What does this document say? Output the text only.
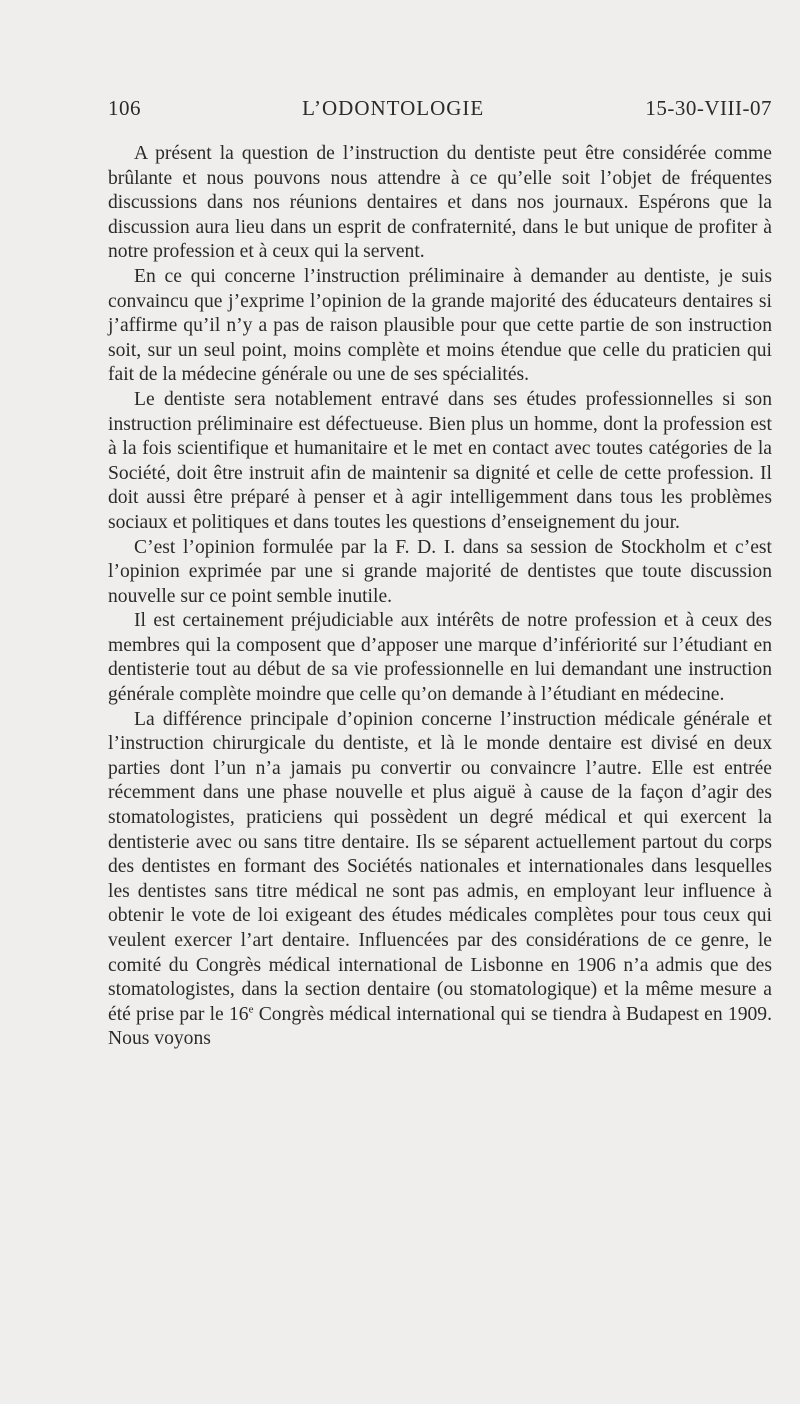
106	L’ODONTOLOGIE	15-30-VIII-07

A présent la question de l’instruction du dentiste peut être considérée comme brûlante et nous pouvons nous attendre à ce qu’elle soit l’objet de fréquentes discussions dans nos réunions dentaires et dans nos journaux. Espérons que la discussion aura lieu dans un esprit de confraternité, dans le but unique de profiter à notre profession et à ceux qui la servent.

En ce qui concerne l’instruction préliminaire à demander au dentiste, je suis convaincu que j’exprime l’opinion de la grande majorité des éducateurs dentaires si j’affirme qu’il n’y a pas de raison plausible pour que cette partie de son instruction soit, sur un seul point, moins complète et moins étendue que celle du praticien qui fait de la médecine générale ou une de ses spécialités.

Le dentiste sera notablement entravé dans ses études professionnelles si son instruction préliminaire est défectueuse. Bien plus un homme, dont la profession est à la fois scientifique et humanitaire et le met en contact avec toutes catégories de la Société, doit être instruit afin de maintenir sa dignité et celle de cette profession. Il doit aussi être préparé à penser et à agir intelligemment dans tous les problèmes sociaux et politiques et dans toutes les questions d’enseignement du jour.

C’est l’opinion formulée par la F. D. I. dans sa session de Stockholm et c’est l’opinion exprimée par une si grande majorité de dentistes que toute discussion nouvelle sur ce point semble inutile.

Il est certainement préjudiciable aux intérêts de notre profession et à ceux des membres qui la composent que d’apposer une marque d’infériorité sur l’étudiant en dentisterie tout au début de sa vie professionnelle en lui demandant une instruction générale complète moindre que celle qu’on demande à l’étudiant en médecine.

La différence principale d’opinion concerne l’instruction médicale générale et l’instruction chirurgicale du dentiste, et là le monde dentaire est divisé en deux parties dont l’un n’a jamais pu convertir ou convaincre l’autre. Elle est entrée récemment dans une phase nouvelle et plus aiguë à cause de la façon d’agir des stomatologistes, praticiens qui possèdent un degré médical et qui exercent la dentisterie avec ou sans titre dentaire. Ils se séparent actuellement partout du corps des dentistes en formant des Sociétés nationales et internationales dans lesquelles les dentistes sans titre médical ne sont pas admis, en employant leur influence à obtenir le vote de loi exigeant des études médicales complètes pour tous ceux qui veulent exercer l’art dentaire. Influencées par des considérations de ce genre, le comité du Congrès médical international de Lisbonne en 1906 n’a admis que des stomatologistes, dans la section dentaire (ou stomatologique) et la même mesure a été prise par le 16e Congrès médical international qui se tiendra à Budapest en 1909. Nous voyons
